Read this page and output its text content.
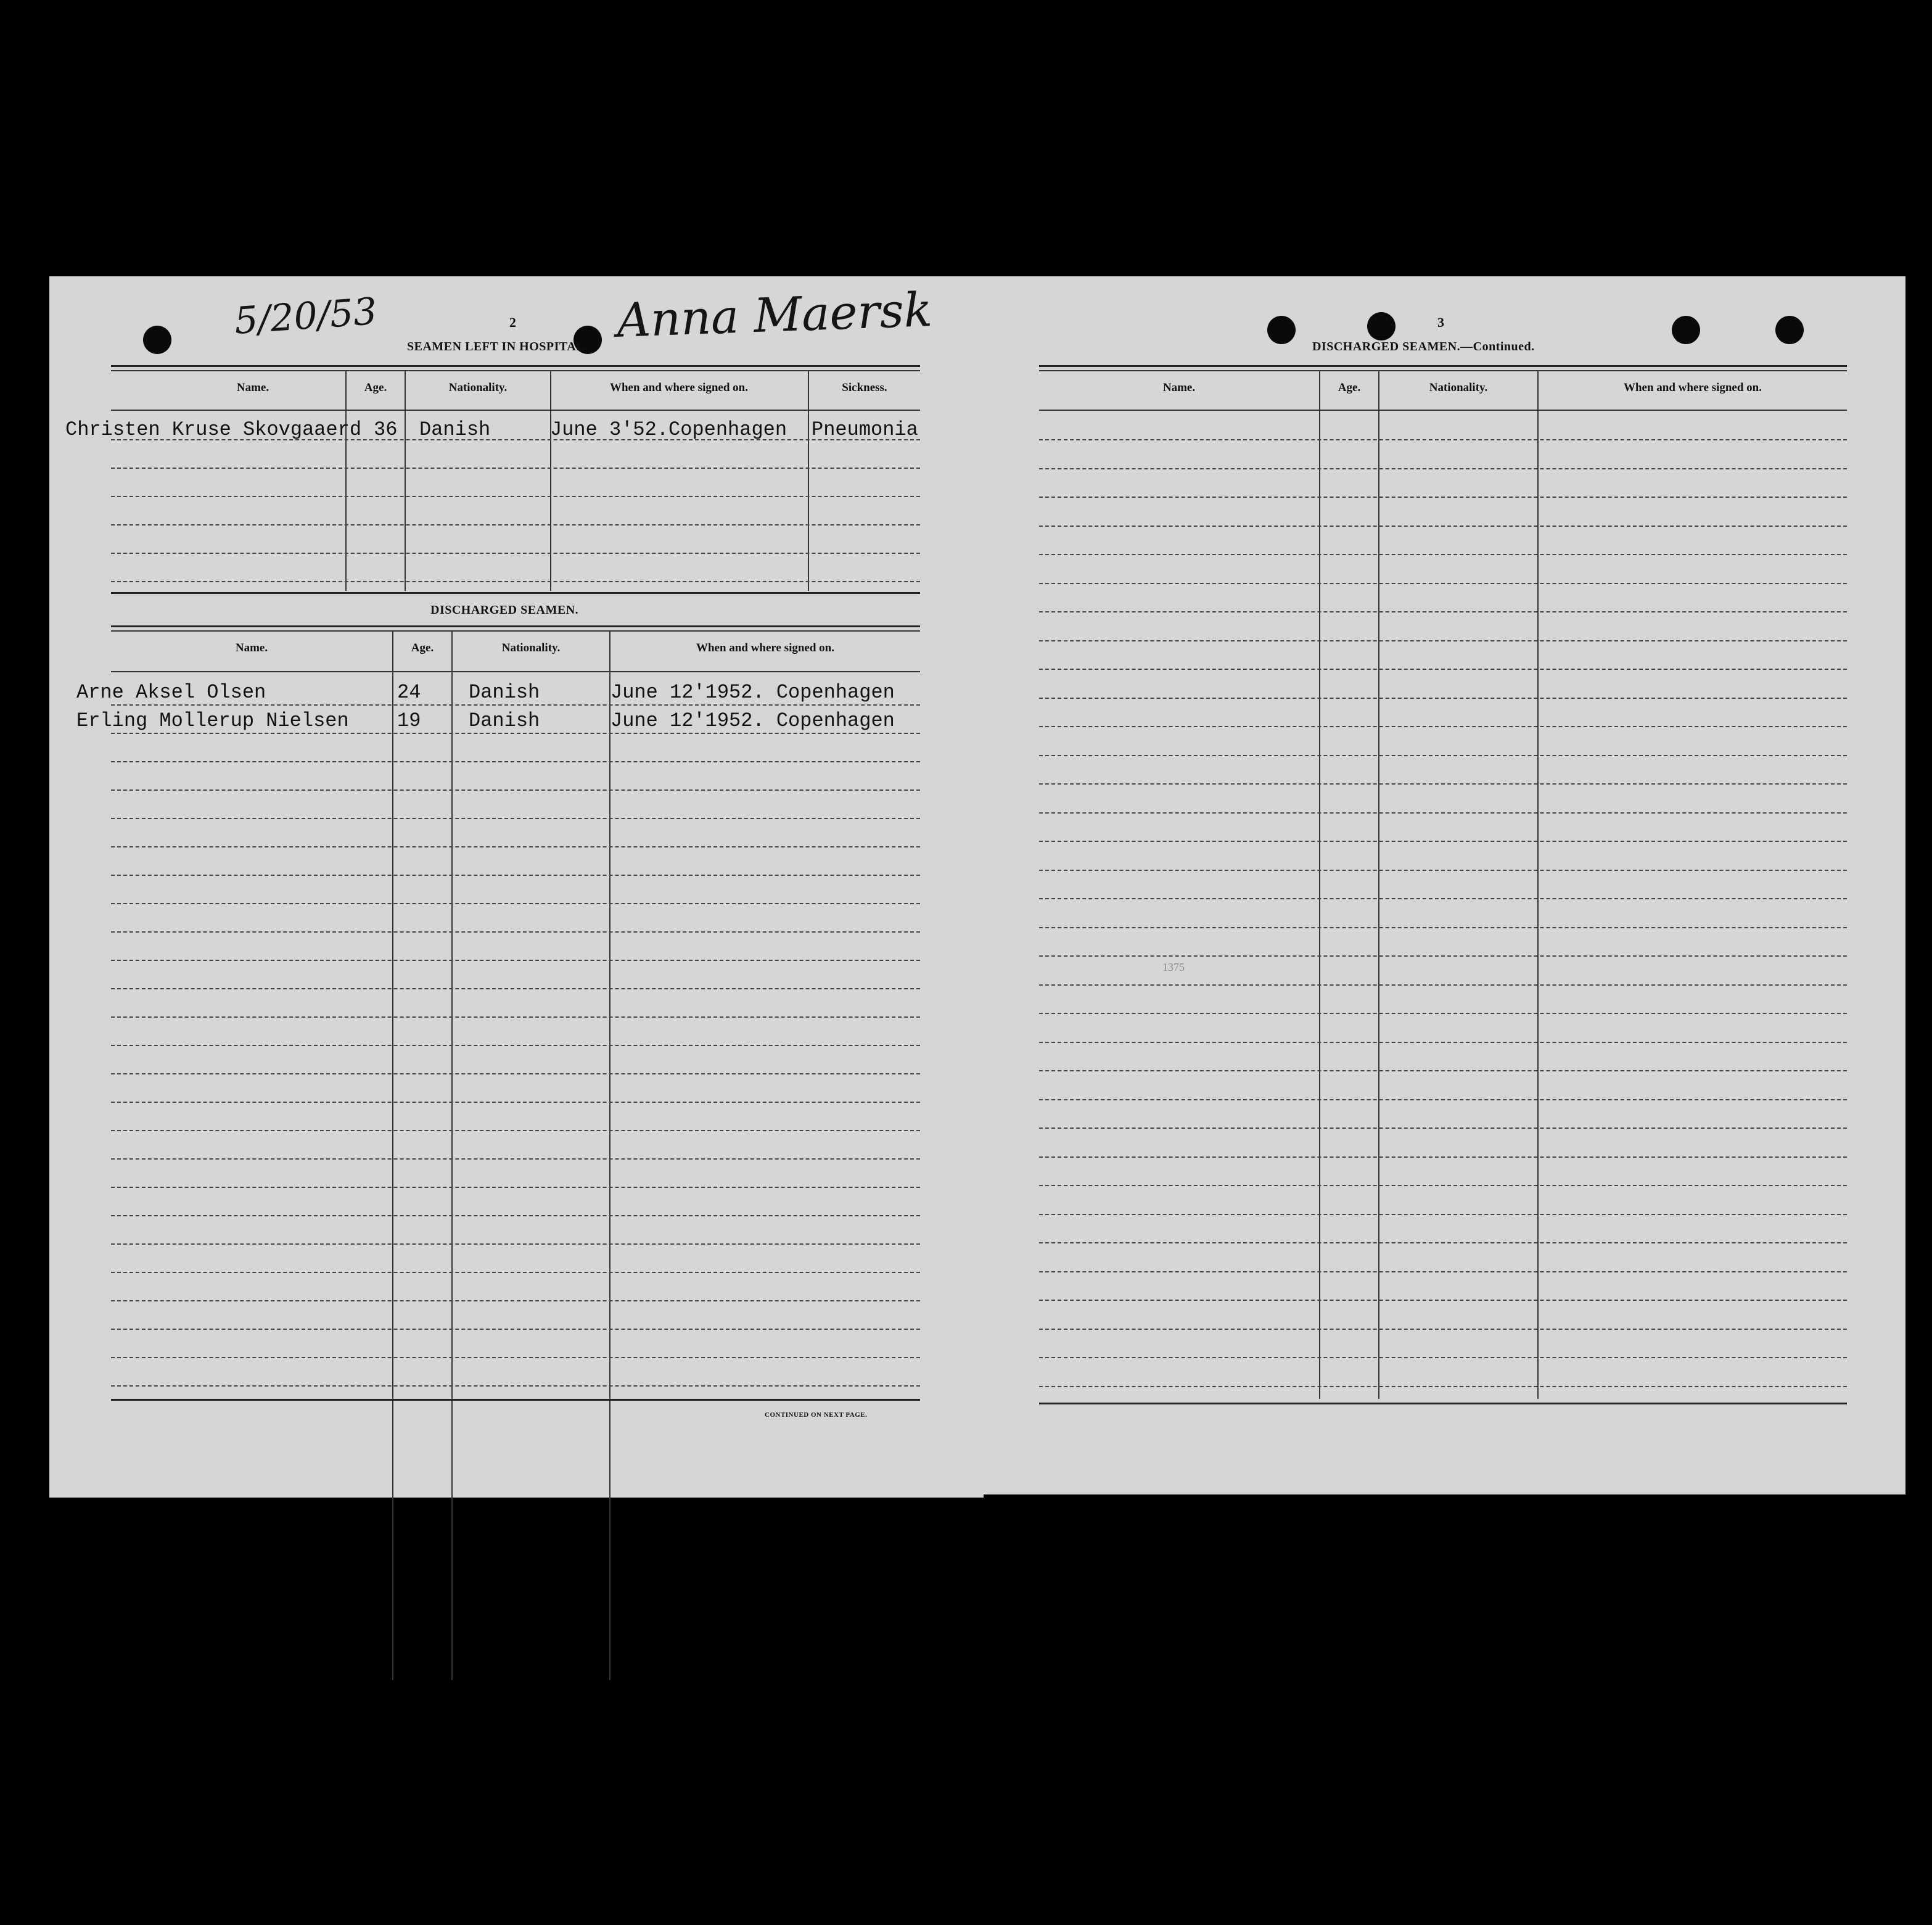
5/20/53	Anna Maersk
2
SEAMEN LEFT IN HOSPITAL.
Name.	Age.	Nationality.	When and where signed on.	Sickness.
Christen Kruse Skovgaaerd 36 Danish	June 3'52.Copenhagen Pneumonia
DISCHARGED SEAMEN.
Name.	Age.	Nationality.	When and where signed on.
Arne Aksel Olsen	24 Danish	June 12'1952. Copenhagen
Erling Mollerup Nielsen 19 Danish	June 12'1952. Copenhagen
CONTINUED ON NEXT PAGE.
3
DISCHARGED SEAMEN.—Continued.
Name.	Age.	Nationality.	When and where signed on.
1375
